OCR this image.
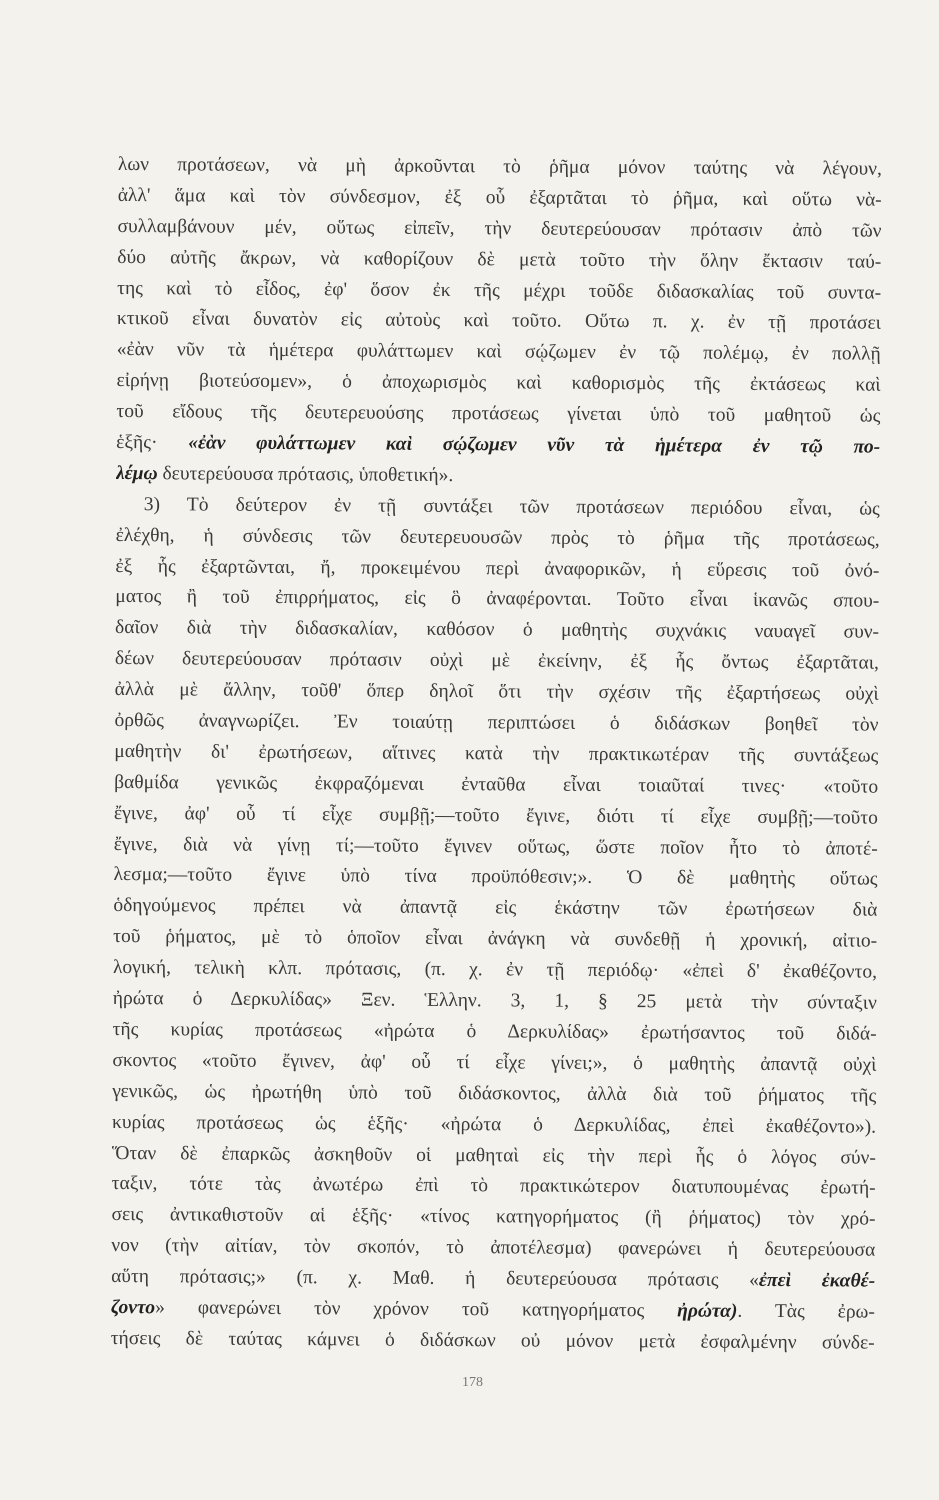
λων προτάσεων, νὰ μὴ ἀρκοῦνται τὸ ῥῆμα μόνον ταύτης νὰ λέγουν,
ἀλλ' ἅμα καὶ τὸν σύνδεσμον, ἐξ οὗ ἐξαρτᾶται τὸ ῥῆμα, καὶ οὕτω νὰ-
συλλαμβάνουν μέν, οὕτως εἰπεῖν, τὴν δευτερεύουσαν πρότασιν ἀπὸ τῶν
δύο αὐτῆς ἄκρων, νὰ καθορίζουν δὲ μετὰ τοῦτο τὴν ὅλην ἔκτασιν ταύ-
της καὶ τὸ εἶδος, ἐφ' ὅσον ἐκ τῆς μέχρι τοῦδε διδασκαλίας τοῦ συντα-
κτικοῦ εἶναι δυνατὸν εἰς αὐτοὺς καὶ τοῦτο. Οὕτω π. χ. ἐν τῇ προτάσει
«ἐὰν νῦν τὰ ἡμέτερα φυλάττωμεν καὶ σῴζωμεν ἐν τῷ πολέμῳ, ἐν πολλῇ
εἰρήνῃ βιοτεύσομεν», ὁ ἀποχωρισμὸς καὶ καθορισμὸς τῆς ἐκτάσεως καὶ
τοῦ εἴδους τῆς δευτερευούσης προτάσεως γίνεται ὑπὸ τοῦ μαθητοῦ ὡς
ἑξῆς· «ἐὰν φυλάττωμεν καὶ σῴζωμεν νῦν τὰ ἡμέτερα ἐν τῷ πο-
λέμῳ δευτερεύουσα πρότασις, ὑποθετική».
3) Τὸ δεύτερον ἐν τῇ συντάξει τῶν προτάσεων περιόδου εἶναι, ὡς
ἐλέχθη, ἡ σύνδεσις τῶν δευτερευουσῶν πρὸς τὸ ῥῆμα τῆς προτάσεως,
ἐξ ἧς ἐξαρτῶνται, ἤ, προκειμένου περὶ ἀναφορικῶν, ἡ εὕρεσις τοῦ ὀνό-
ματος ἢ τοῦ ἐπιρρήματος, εἰς ὃ ἀναφέρονται. Τοῦτο εἶναι ἱκανῶς σπου-
δαῖον διὰ τὴν διδασκαλίαν, καθόσον ὁ μαθητὴς συχνάκις ναυαγεῖ συν-
δέων δευτερεύουσαν πρότασιν οὐχὶ μὲ ἐκείνην, ἐξ ἧς ὄντως ἐξαρτᾶται,
ἀλλὰ μὲ ἄλλην, τοῦθ' ὅπερ δηλοῖ ὅτι τὴν σχέσιν τῆς ἐξαρτήσεως οὐχὶ
ὀρθῶς ἀναγνωρίζει. Ἐν τοιαύτῃ περιπτώσει ὁ διδάσκων βοηθεῖ τὸν
μαθητὴν δι' ἐρωτήσεων, αἵτινες κατὰ τὴν πρακτικωτέραν τῆς συντάξεως
βαθμίδα γενικῶς ἐκφραζόμεναι ἐνταῦθα εἶναι τοιαῦταί τινες· «τοῦτο
ἔγινε, ἀφ' οὗ τί εἶχε συμβῇ;—τοῦτο ἔγινε, διότι τί εἶχε συμβῇ;—τοῦτο
ἔγινε, διὰ νὰ γίνῃ τί;—τοῦτο ἔγινεν οὕτως, ὥστε ποῖον ἦτο τὸ ἀποτέ-
λεσμα;—τοῦτο ἔγινε ὑπὸ τίνα προϋπόθεσιν;». Ὁ δὲ μαθητὴς οὕτως
ὁδηγούμενος πρέπει νὰ ἀπαντᾷ εἰς ἑκάστην τῶν ἐρωτήσεων διὰ
τοῦ ῥήματος, μὲ τὸ ὁποῖον εἶναι ἀνάγκη νὰ συνδεθῇ ἡ χρονική, αἰτιο-
λογική, τελικὴ κλπ. πρότασις, (π. χ. ἐν τῇ περιόδῳ· «ἐπεὶ δ' ἐκαθέζοντο,
ἠρώτα ὁ Δερκυλίδας» Ξεν. Ἑλλην. 3, 1, § 25 μετὰ τὴν σύνταξιν
τῆς κυρίας προτάσεως «ἠρώτα ὁ Δερκυλίδας» ἐρωτήσαντος τοῦ διδά-
σκοντος «τοῦτο ἔγινεν, ἀφ' οὗ τί εἶχε γίνει;», ὁ μαθητὴς ἀπαντᾷ οὐχὶ
γενικῶς, ὡς ἠρωτήθη ὑπὸ τοῦ διδάσκοντος, ἀλλὰ διὰ τοῦ ῥήματος τῆς
κυρίας προτάσεως ὡς ἑξῆς· «ἠρώτα ὁ Δερκυλίδας, ἐπεὶ ἐκαθέζοντο»).
Ὅταν δὲ ἐπαρκῶς ἀσκηθοῦν οἱ μαθηταὶ εἰς τὴν περὶ ἧς ὁ λόγος σύν-
ταξιν, τότε τὰς ἀνωτέρω ἐπὶ τὸ πρακτικώτερον διατυπουμένας ἐρωτή-
σεις ἀντικαθιστοῦν αἱ ἑξῆς· «τίνος κατηγορήματος (ἢ ῥήματος) τὸν χρό-
νον (τὴν αἰτίαν, τὸν σκοπόν, τὸ ἀποτέλεσμα) φανερώνει ἡ δευτερεύουσα
αὕτη πρότασις;» (π. χ. Μαθ. ἡ δευτερεύουσα πρότασις «ἐπεὶ ἐκαθέ-
ζοντο» φανερώνει τὸν χρόνον τοῦ κατηγορήματος ἠρώτα). Τὰς ἐρω-
τήσεις δὲ ταύτας κάμνει ὁ διδάσκων οὐ μόνον μετὰ ἐσφαλμένην σύνδε-
178
